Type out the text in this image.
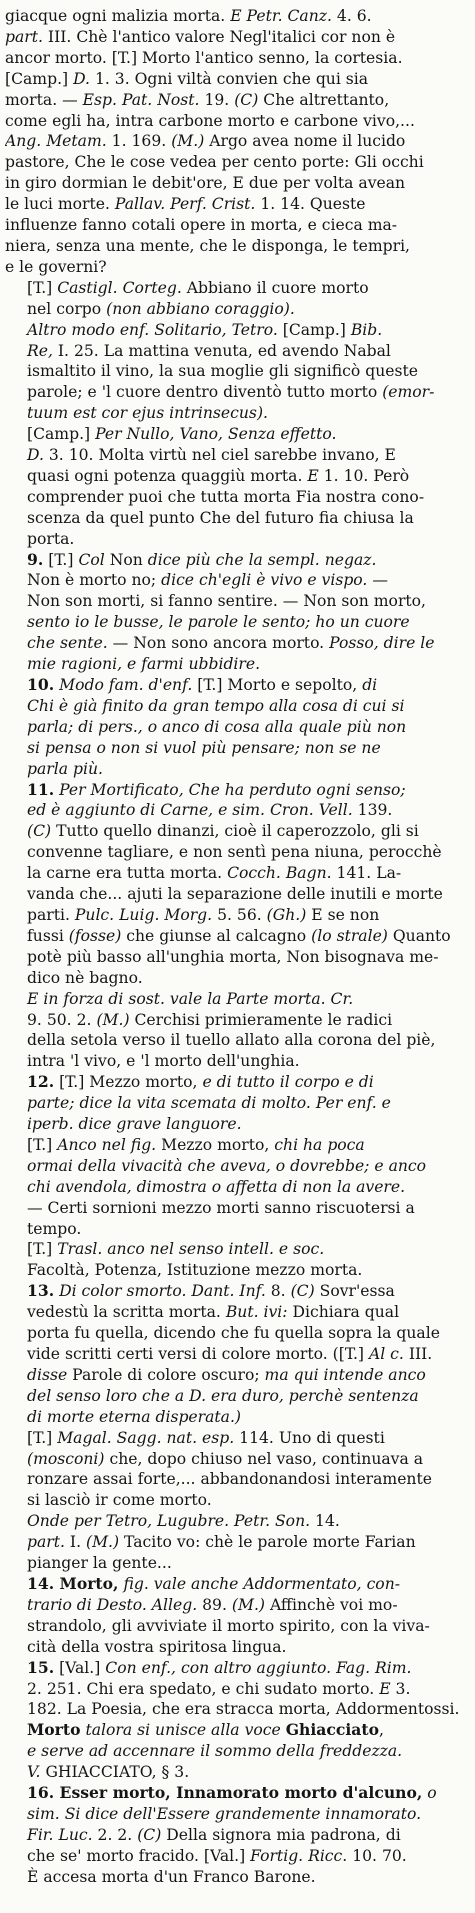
giacque ogni malizia morta. E Petr. Canz. 4. 6.
part. III. Chè l'antico valore Negl'italici cor non è
ancor morto. [T.] Morto l'antico senno, la cortesia.
[Camp.] D. 1. 3. Ogni viltà convien che qui sia
morta. — Esp. Pat. Nost. 19. (C) Che altrettanto,
come egli ha, intra carbone morto e carbone vivo,...
Ang. Metam. 1. 169. (M.) Argo avea nome il lucido
pastore, Che le cose vedea per cento porte: Gli occhi
in giro dormian le debit'ore, E due per volta avean
le luci morte. Pallav. Perf. Crist. 1. 14. Queste
influenze fanno cotali opere in morta, e cieca ma-
niera, senza una mente, che le disponga, le tempri,
e le governi?
[T.] Castigl. Corteg. Abbiano il cuore morto
nel corpo (non abbiano coraggio).
Altro modo enf. Solitario, Tetro. [Camp.] Bib.
Re, I. 25. La mattina venuta, ed avendo Nabal
ismaltito il vino, la sua moglie gli significò queste
parole; e 'l cuore dentro diventò tutto morto (emor-
tuum est cor ejus intrinsecus).
[Camp.] Per Nullo, Vano, Senza effetto.
D. 3. 10. Molta virtù nel ciel sarebbe invano, E
quasi ogni potenza quaggiù morta. E 1. 10. Però
comprender puoi che tutta morta Fia nostra cono-
scenza da quel punto Che del futuro fia chiusa la
porta.
9. [T.] Col Non dice più che la sempl. negaz.
Non è morto no; dice ch'egli è vivo e vispo. —
Non son morti, si fanno sentire. — Non son morto,
sento io le busse, le parole le sento; ho un cuore
che sente. — Non sono ancora morto. Posso, dire le
mie ragioni, e farmi ubbidire.
10. Modo fam. d'enf. [T.] Morto e sepolto, di
Chi è già finito da gran tempo alla cosa di cui si
parla; di pers., o anco di cosa alla quale più non
si pensa o non si vuol più pensare; non se ne
parla più.
11. Per Mortificato, Che ha perduto ogni senso;
ed è aggiunto di Carne, e sim. Cron. Vell. 139.
(C) Tutto quello dinanzi, cioè il caperozzolo, gli si
convenne tagliare, e non sentì pena niuna, perocchè
la carne era tutta morta. Cocch. Bagn. 141. La-
vanda che... ajuti la separazione delle inutili e morte
parti. Pulc. Luig. Morg. 5. 56. (Gh.) E se non
fussi (fosse) che giunse al calcagno (lo strale) Quanto
potè più basso all'unghia morta, Non bisognava me-
dico nè bagno.
E in forza di sost. vale la Parte morta. Cr.
9. 50. 2. (M.) Cerchisi primieramente le radici
della setola verso il tuello allato alla corona del piè,
intra 'l vivo, e 'l morto dell'unghia.
12. [T.] Mezzo morto, e di tutto il corpo e di
parte; dice la vita scemata di molto. Per enf. e
iperb. dice grave languore.
[T.] Anco nel fig. Mezzo morto, chi ha poca
ormai della vivacità che aveva, o dovrebbe; e anco
chi avendola, dimostra o affetta di non la avere.
— Certi sornioni mezzo morti sanno riscuotersi a
tempo.
[T.] Trasl. anco nel senso intell. e soc.
Facoltà, Potenza, Istituzione mezzo morta.
13. Di color smorto. Dant. Inf. 8. (C) Sovr'essa
vedestù la scritta morta. But. ivi: Dichiara qual
porta fu quella, dicendo che fu quella sopra la quale
vide scritti certi versi di colore morto. ([T.] Al c. III.
disse Parole di colore oscuro; ma qui intende anco
del senso loro che a D. era duro, perchè sentenza
di morte eterna disperata.)
[T.] Magal. Sagg. nat. esp. 114. Uno di questi
(mosconi) che, dopo chiuso nel vaso, continuava a
ronzare assai forte,... abbandonandosi interamente
si lasciò ir come morto.
Onde per Tetro, Lugubre. Petr. Son. 14.
part. I. (M.) Tacito vo: chè le parole morte Farian
pianger la gente...
14. Morto, fig. vale anche Addormentato, con-
trario di Desto. Alleg. 89. (M.) Affinchè voi mo-
strandolo, gli avviviate il morto spirito, con la viva-
cità della vostra spiritosa lingua.
15. [Val.] Con enf., con altro aggiunto. Fag. Rim.
2. 251. Chi era spedato, e chi sudato morto. E 3.
182. La Poesia, che era stracca morta, Addormentossi.
Morto talora si unisce alla voce Ghiacciato,
e serve ad accennare il sommo della freddezza.
V. GHIACCIATO, § 3.
16. Esser morto, Innamorato morto d'alcuno, o
sim. Si dice dell'Essere grandemente innamorato.
Fir. Luc. 2. 2. (C) Della signora mia padrona, di
che se' morto fracido. [Val.] Fortig. Ricc. 10. 70.
È accesa morta d'un Franco Barone.
